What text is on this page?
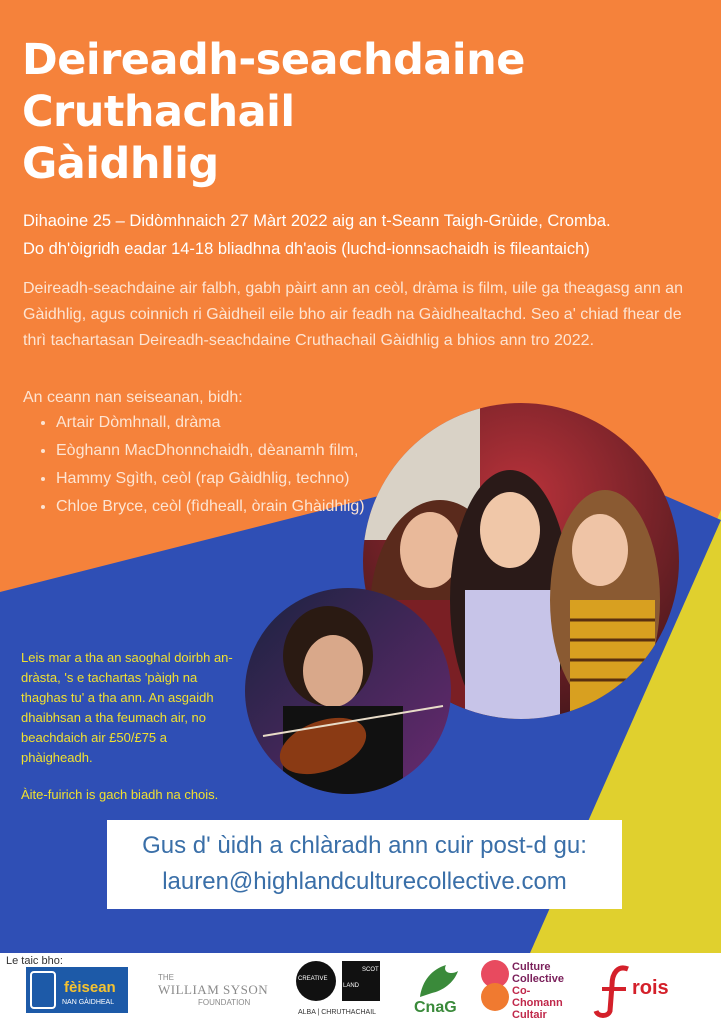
Deireadh-seachdaine
Cruthachail
Gàidhlig
Dihaoine 25 – Didòmhnaich 27 Màrt 2022 aig an t-Seann Taigh-Grùide, Cromba.
Do dh'òigridh eadar 14-18 bliadhna dh'aois (luchd-ionnsachaidh is fileantaich)

Deireadh-seachdaine air falbh, gabh pàirt ann an ceòl, dràma is film, uile ga theagasg ann an Gàidhlig, agus coinnich ri Gàidheil eile bho air feadh na Gàidhealtachd. Seo a' chiad fhear de thrì tachartasan Deireadh-seachdaine Cruthachail Gàidhlig a bhios ann tro 2022.

An ceann nan seiseanan, bidh:

• Artair Dòmhnall, dràma
• Eòghann MacDhonnchaidh, dèanamh film,
• Hammy Sgìth, ceòl (rap Gàidhlig, techno)
• Chloe Bryce, ceòl (fìdheall, òrain Ghàidhlig)

Leis mar a tha an saoghal doirbh an-dràsta, 's e tachartas 'pàigh na thaghas tu' a tha ann. An asgaidh dhaibhsan a tha feumach air, no beachdaich air £50/£75 a phàigheadh.

Àite-fuirich is gach biadh na chois.

Gus d' ùidh a chlàradh ann cuir post-d gu:
lauren@highlandculturecollective.com
Le taic bho:
fèisean
NAN GÀIDHEAL
THE
WILLIAM SYSON
FOUNDATION
CREATIVE
SCOT
LAND
ALBA | CHRUTHACHAIL CnaG
Culture
Collective
Co-Chomann
Cultair
rois
